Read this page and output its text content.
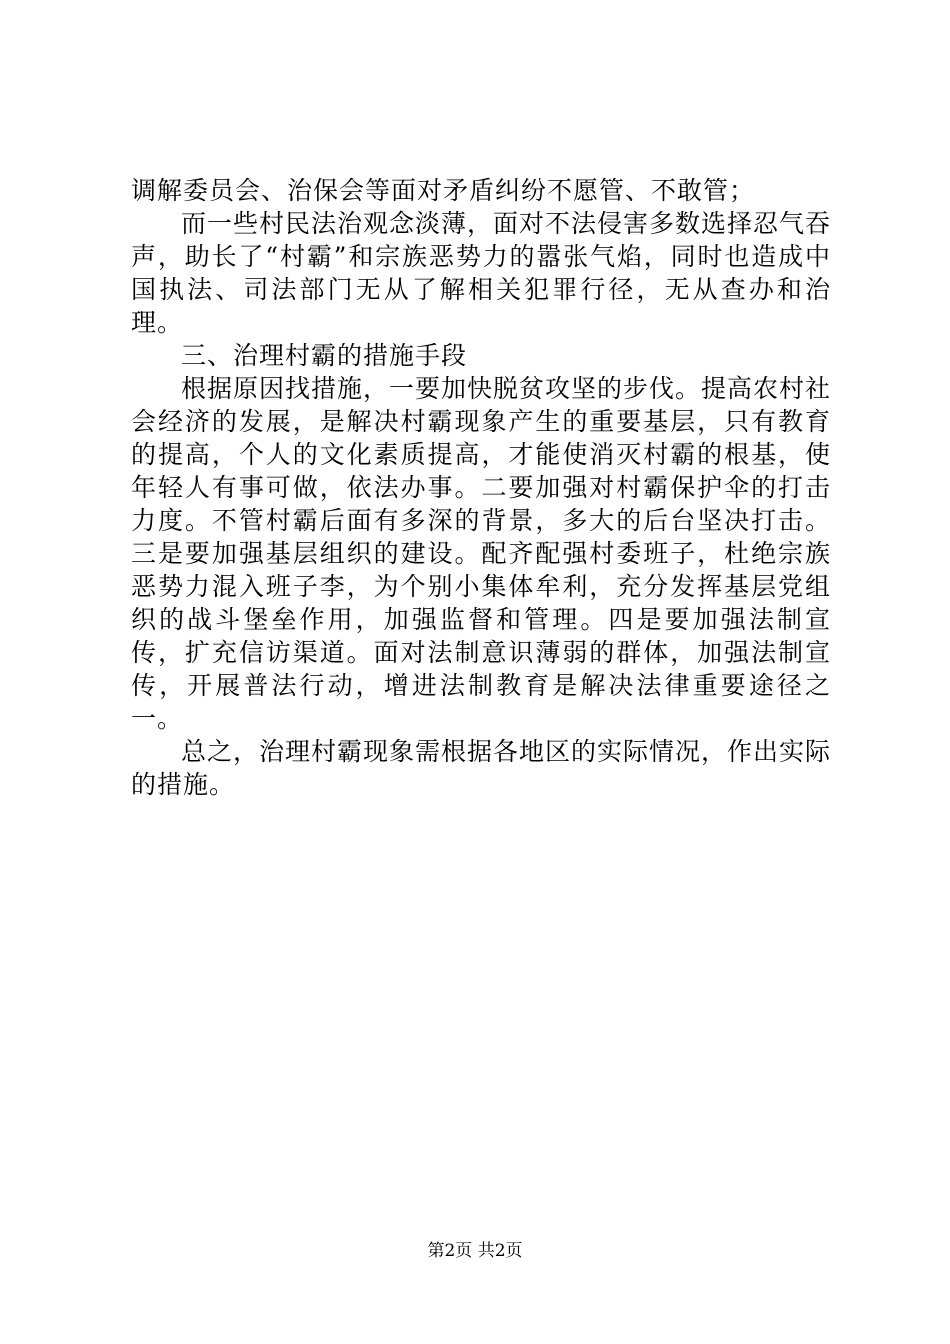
调解委员会、治保会等面对矛盾纠纷不愿管、不敢管；

而一些村民法治观念淡薄，面对不法侵害多数选择忍气吞声，助长了“村霸”和宗族恶势力的嚣张气焰，同时也造成中国执法、司法部门无从了解相关犯罪行径，无从查办和治理。

三、治理村霸的措施手段

根据原因找措施，一要加快脱贫攻坚的步伐。提高农村社会经济的发展，是解决村霸现象产生的重要基层，只有教育的提高，个人的文化素质提高，才能使消灭村霸的根基，使年轻人有事可做，依法办事。二要加强对村霸保护伞的打击力度。不管村霸后面有多深的背景，多大的后台坚决打击。三是要加强基层组织的建设。配齐配强村委班子，杜绝宗族恶势力混入班子李，为个别小集体牟利，充分发挥基层党组织的战斗堡垒作用，加强监督和管理。四是要加强法制宣传，扩充信访渠道。面对法制意识薄弱的群体，加强法制宣传，开展普法行动，增进法制教育是解决法律重要途径之一。

总之，治理村霸现象需根据各地区的实际情况，作出实际的措施。

第2页 共2页
